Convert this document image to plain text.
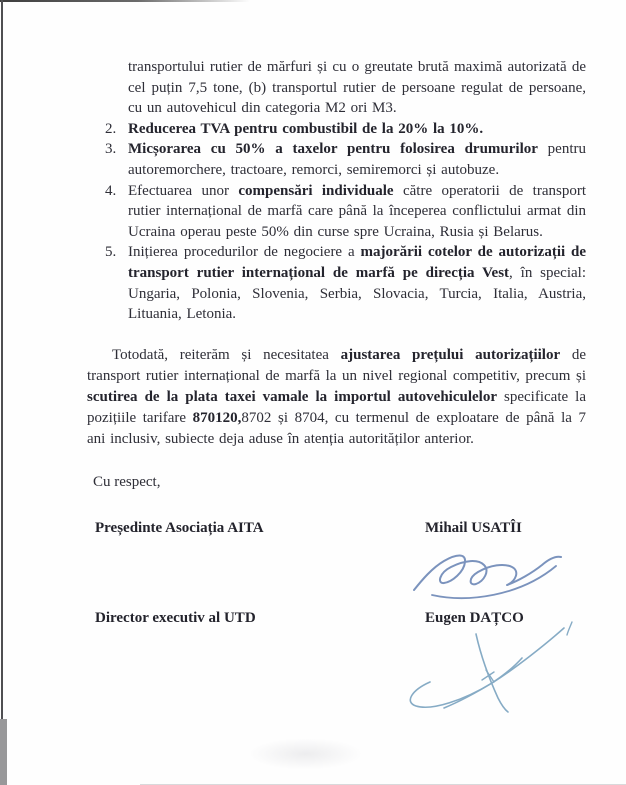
transportului rutier de mărfuri și cu o greutate brută maximă autorizată de cel puțin 7,5 tone, (b) transportul rutier de persoane regulat de persoane, cu un autovehicul din categoria M2 ori M3.
2. Reducerea TVA pentru combustibil de la 20% la 10%.
3. Micșorarea cu 50% a taxelor pentru folosirea drumurilor pentru autoremorchere, tractoare, remorci, semiremorci și autobuze.
4. Efectuarea unor compensări individuale către operatorii de transport rutier internațional de marfă care până la începerea conflictului armat din Ucraina operau peste 50% din curse spre Ucraina, Rusia și Belarus.
5. Inițierea procedurilor de negociere a majorării cotelor de autorizații de transport rutier internațional de marfă pe direcția Vest, în special: Ungaria, Polonia, Slovenia, Serbia, Slovacia, Turcia, Italia, Austria, Lituania, Letonia.

Totodată, reiterăm și necesitatea ajustarea prețului autorizațiilor de transport rutier internațional de marfă la un nivel regional competitiv, precum și scutirea de la plata taxei vamale la importul autovehiculelor specificate la pozițiile tarifare 870120,8702 și 8704, cu termenul de exploatare de până la 7 ani inclusiv, subiecte deja aduse în atenția autorităților anterior.

Cu respect,

Președinte Asociația AITA	Mihail USATÎI
Director executiv al UTD	Eugen DAȚCO
